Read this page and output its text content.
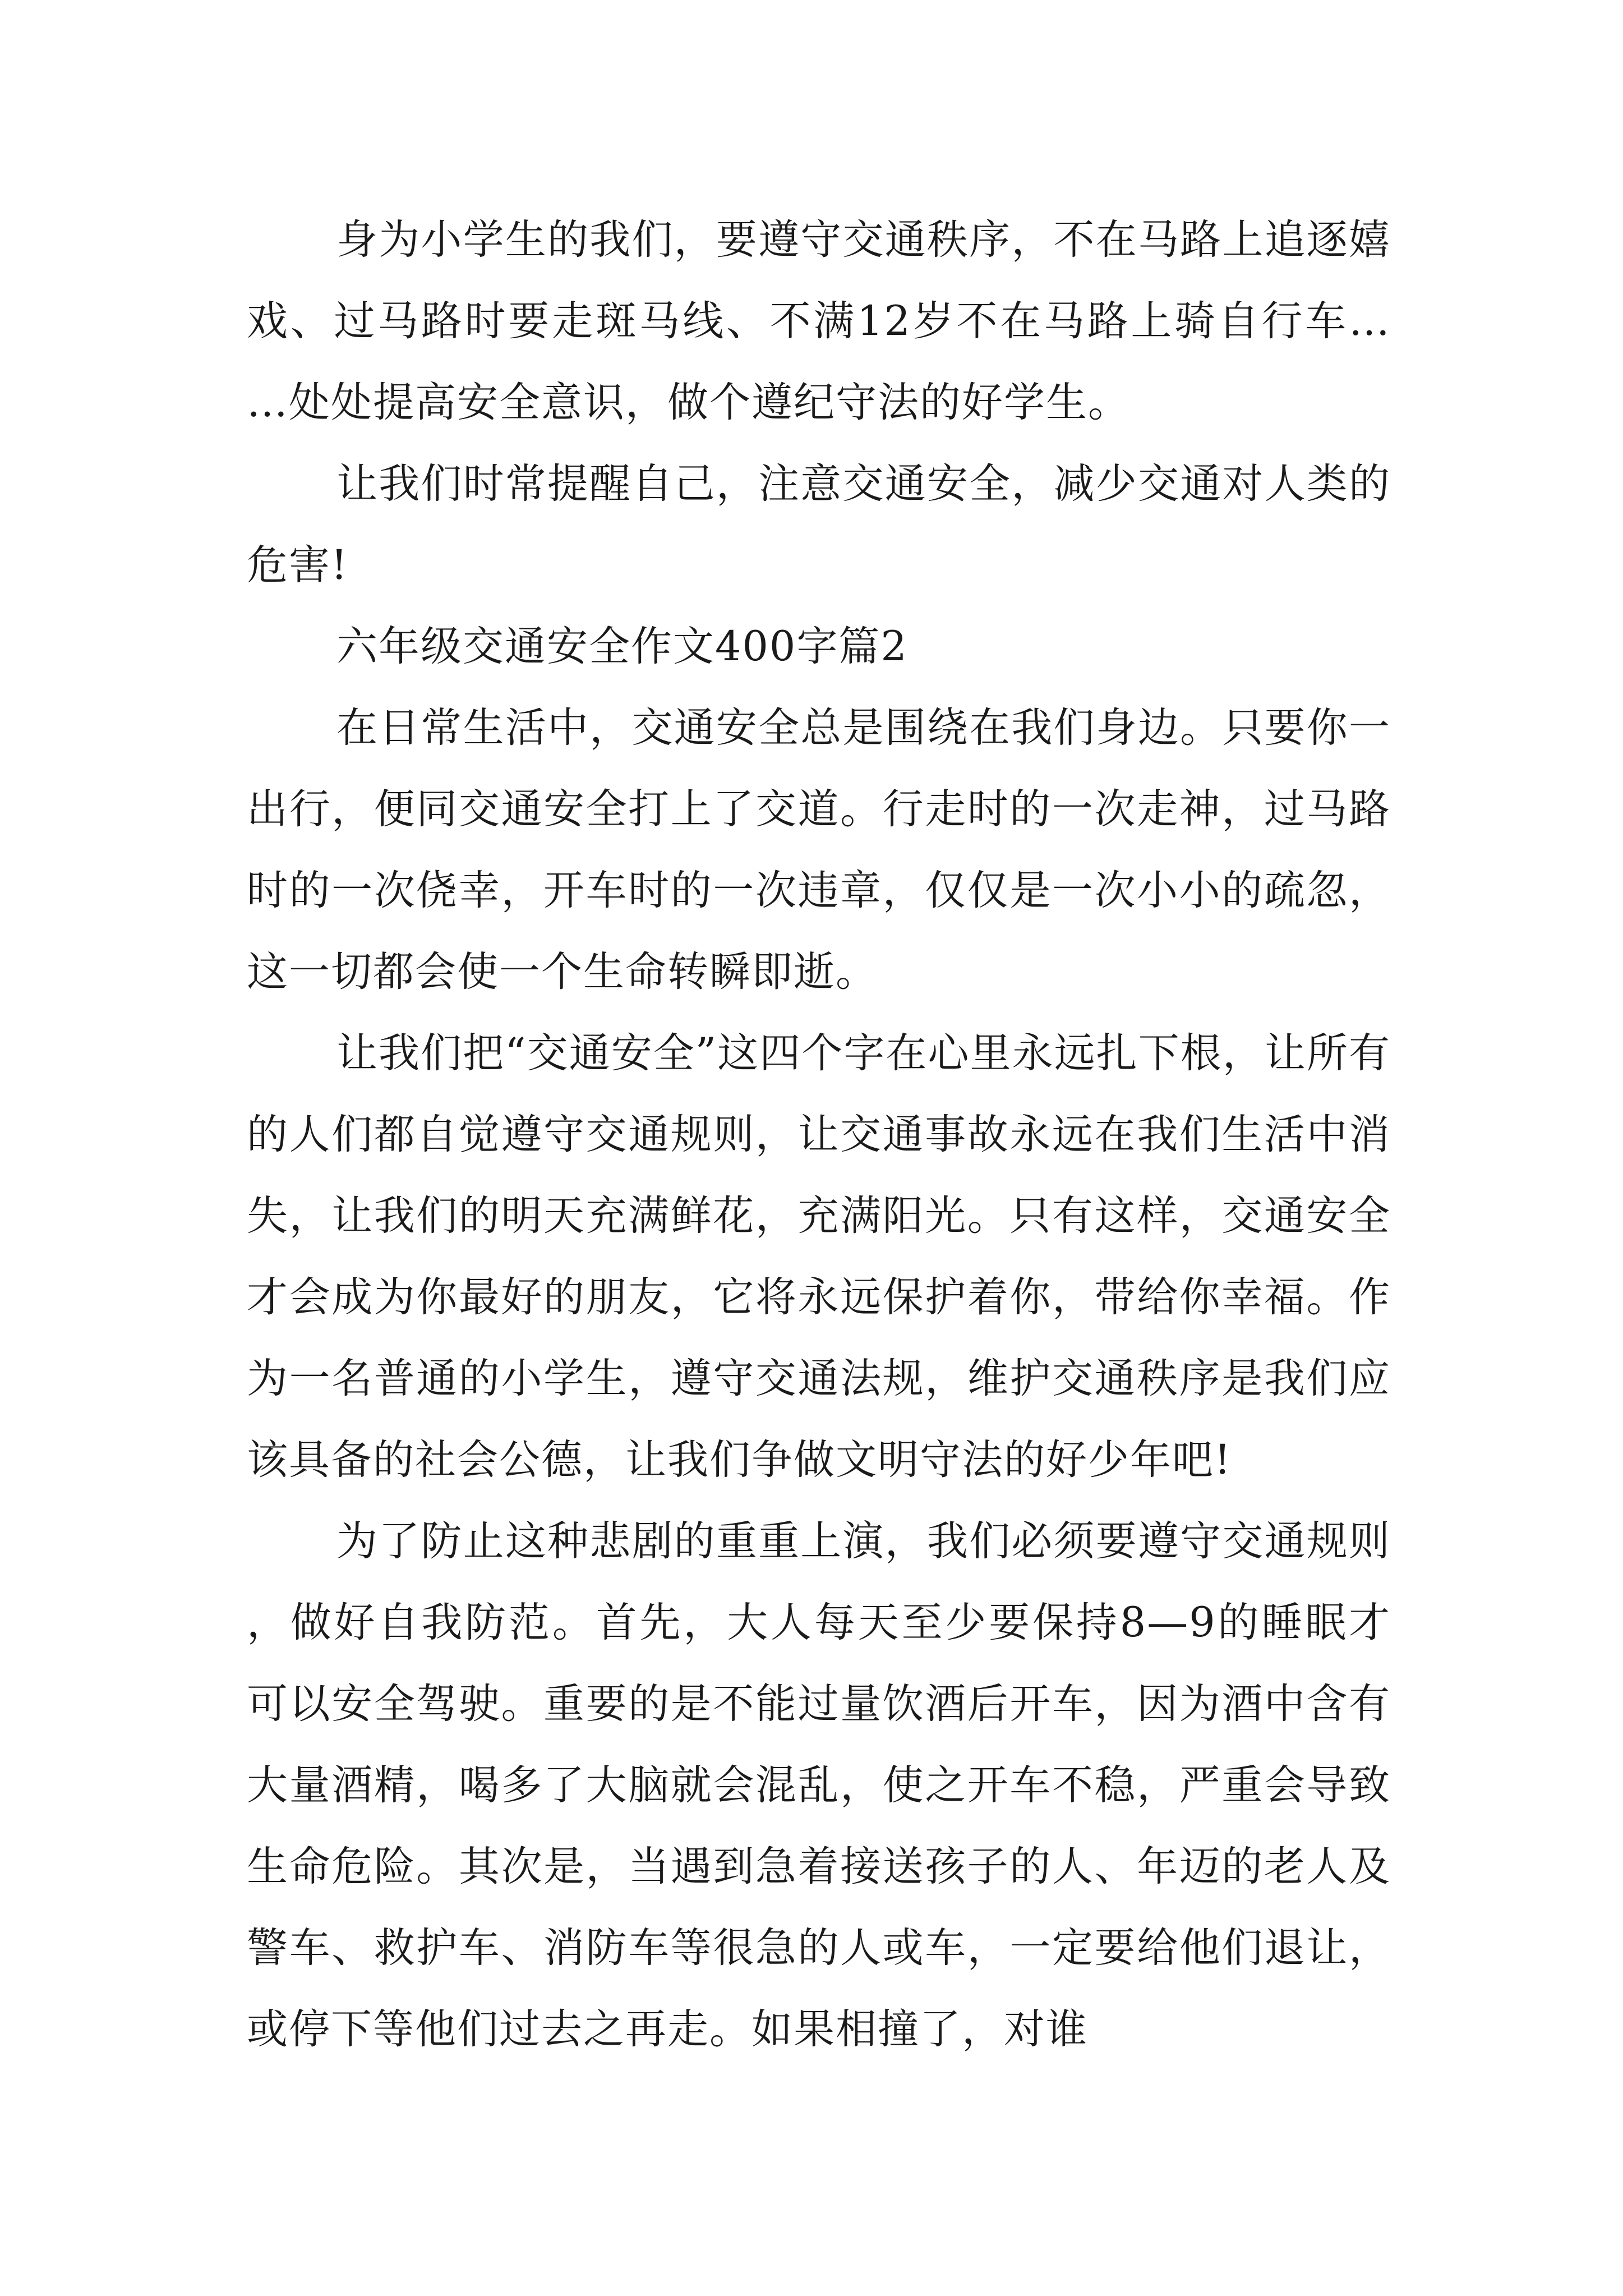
身为小学生的我们，要遵守交通秩序，不在马路上追逐嬉戏、过马路时要走斑马线、不满12岁不在马路上骑自行车……处处提高安全意识，做个遵纪守法的好学生。

让我们时常提醒自己，注意交通安全，减少交通对人类的危害!

六年级交通安全作文400字篇2

在日常生活中，交通安全总是围绕在我们身边。只要你一出行，便同交通安全打上了交道。行走时的一次走神，过马路时的一次侥幸，开车时的一次违章，仅仅是一次小小的疏忽，这一切都会使一个生命转瞬即逝。

让我们把“交通安全”这四个字在心里永远扎下根，让所有的人们都自觉遵守交通规则，让交通事故永远在我们生活中消失，让我们的明天充满鲜花，充满阳光。只有这样，交通安全才会成为你最好的朋友，它将永远保护着你，带给你幸福。作为一名普通的小学生，遵守交通法规，维护交通秩序是我们应该具备的社会公德，让我们争做文明守法的好少年吧!

为了防止这种悲剧的重重上演，我们必须要遵守交通规则，做好自我防范。首先，大人每天至少要保持8—9的睡眠才可以安全驾驶。重要的是不能过量饮酒后开车，因为酒中含有大量酒精，喝多了大脑就会混乱，使之开车不稳，严重会导致生命危险。其次是，当遇到急着接送孩子的人、年迈的老人及警车、救护车、消防车等很急的人或车，一定要给他们退让，或停下等他们过去之再走。如果相撞了，对谁
